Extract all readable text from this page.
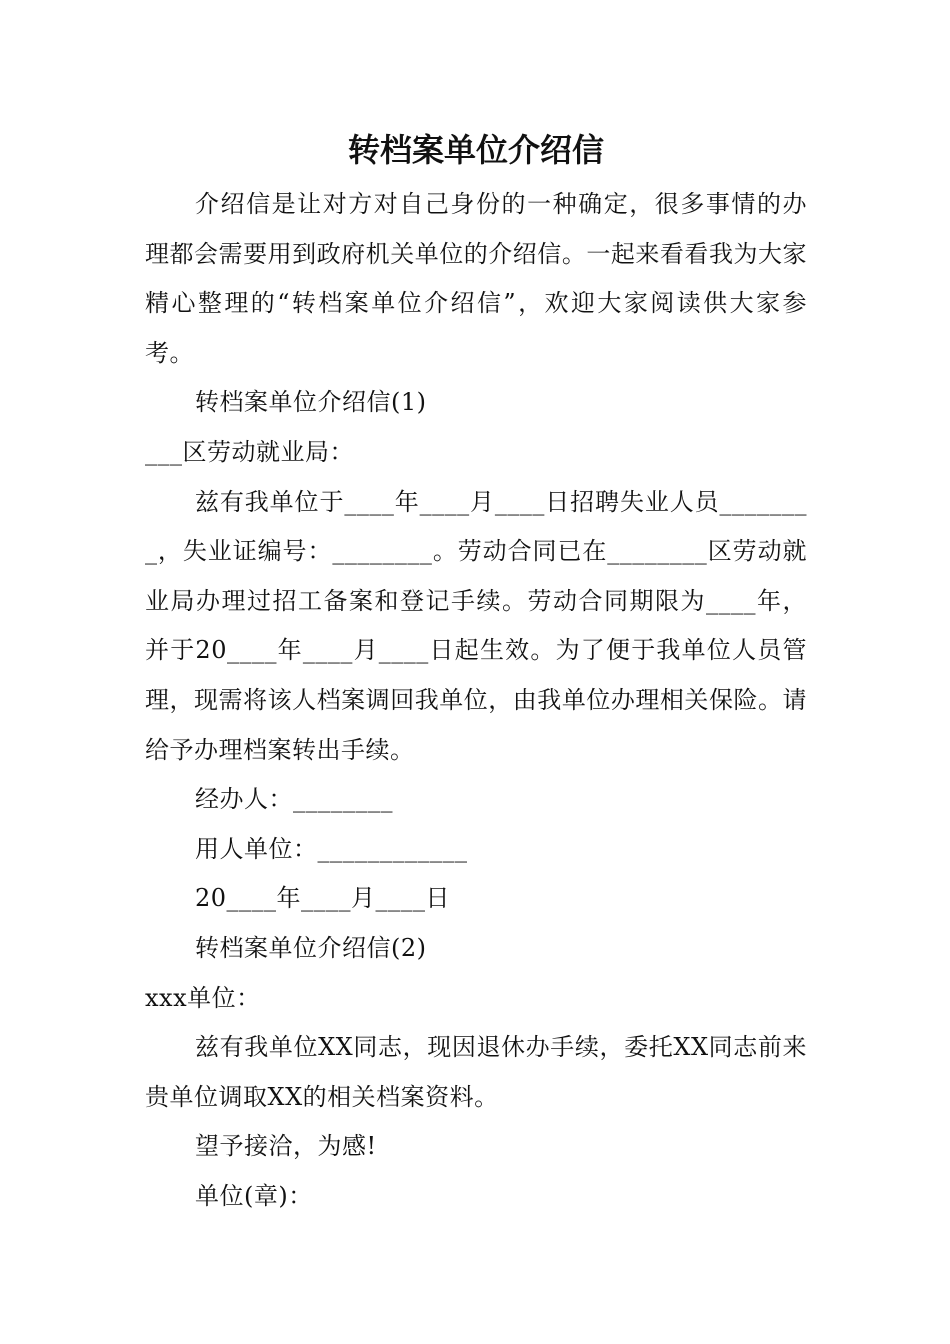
转档案单位介绍信

介绍信是让对方对自己身份的一种确定，很多事情的办理都会需要用到政府机关单位的介绍信。一起来看看我为大家精心整理的“转档案单位介绍信”，欢迎大家阅读供大家参考。

转档案单位介绍信(1)

___区劳动就业局：

兹有我单位于____年____月____日招聘失业人员________，失业证编号：________。劳动合同已在________区劳动就业局办理过招工备案和登记手续。劳动合同期限为____年，并于20____年____月____日起生效。为了便于我单位人员管理，现需将该人档案调回我单位，由我单位办理相关保险。请给予办理档案转出手续。

经办人：________

用人单位：____________

20____年____月____日

转档案单位介绍信(2)

xxx单位：

兹有我单位XX同志，现因退休办手续，委托XX同志前来贵单位调取XX的相关档案资料。

望予接洽，为感!

单位(章)：
